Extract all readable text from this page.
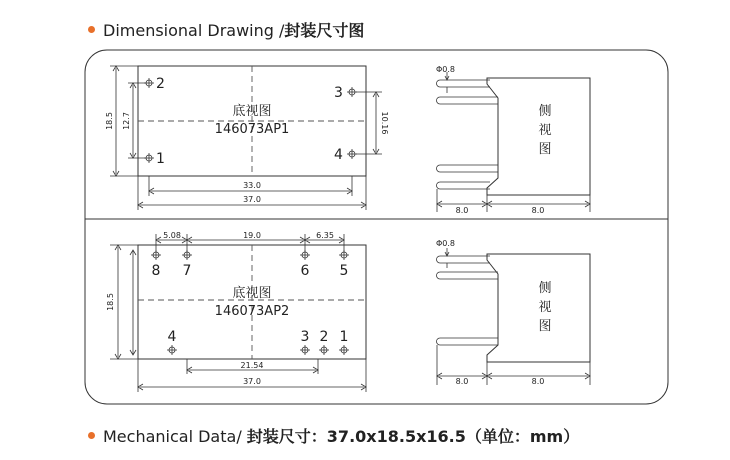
Dimensional Drawing /封装尺寸图
2
1
3
4
底视图
146073AP1
18.5 12.7	10.16
33.0
37.0
Φ0.8
侧
视
图
8.0	8.0
8 7	6 5
4	3 2 1
底视图
146073AP2
5.08	19.0	6.35
18.5
21.54
37.0
Φ0.8
侧
视
图
8.0	8.0
Mechanical Data/ 封装尺寸：37.0x18.5x16.5（单位：mm）
